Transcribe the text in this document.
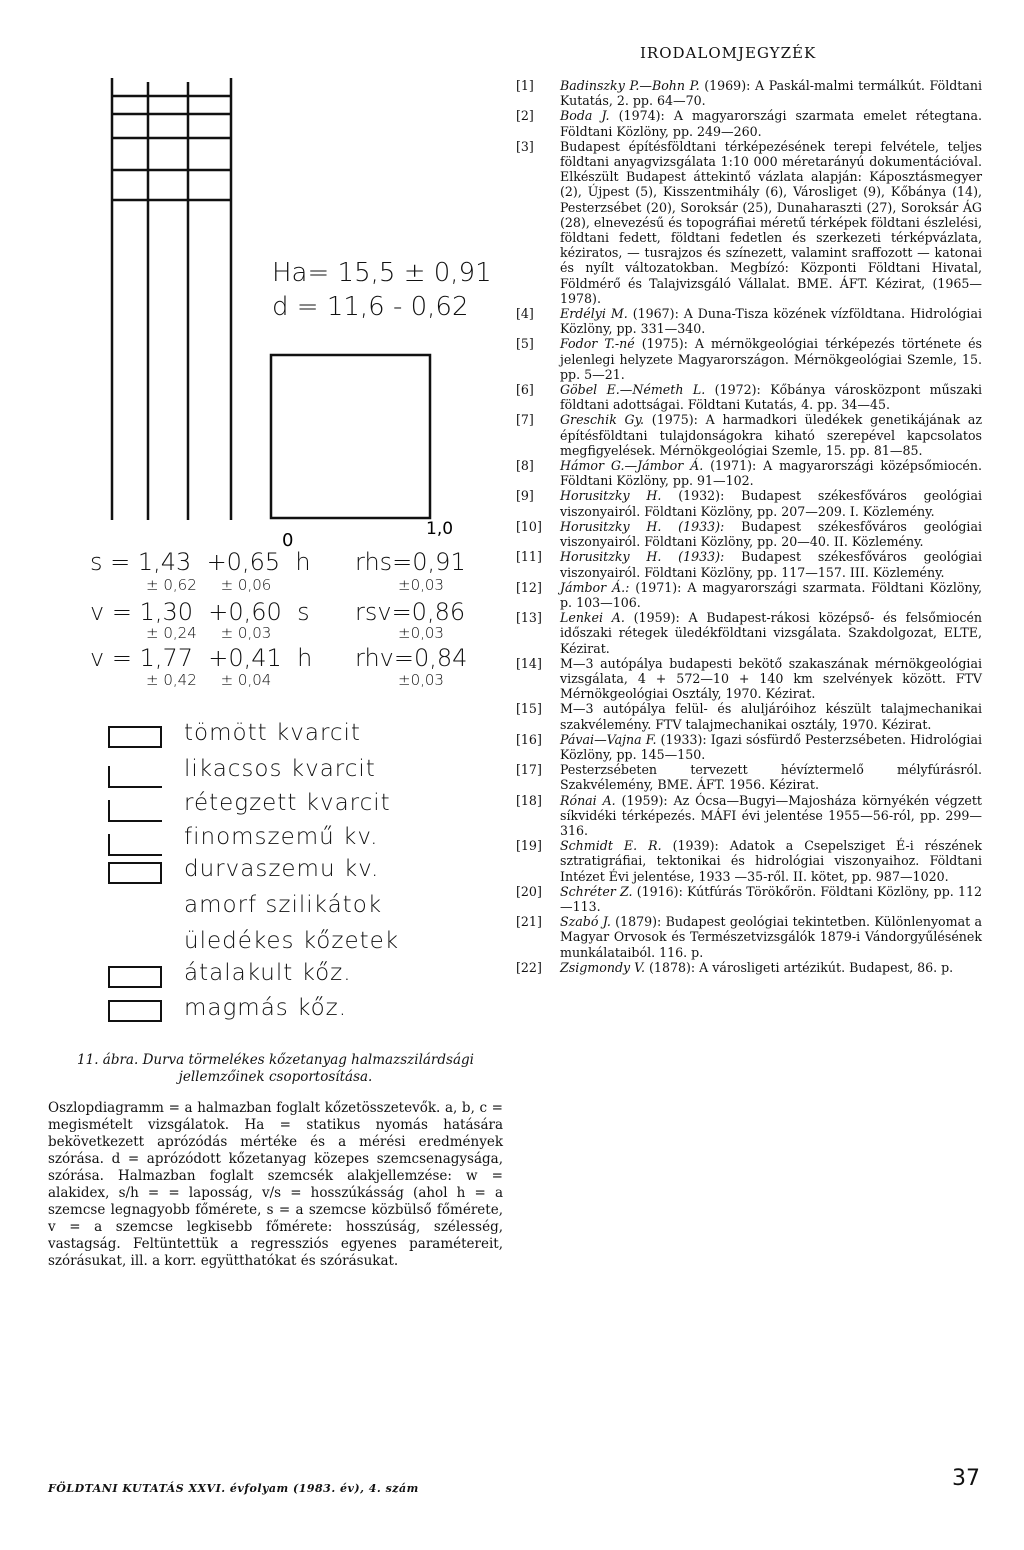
IRODALOMJEGYZÉK
[1]	Badinszky P.—Bohn P. (1969): A Paskál-malmi termálkút. Földtani Kutatás, 2. pp. 64—70.
[2]	Boda J. (1974): A magyarországi szarmata emelet rétegtana. Földtani Közlöny, pp. 249—260.
[3]	Budapest építésföldtani térképezésének terepi felvétele, teljes földtani anyagvizsgálata 1:10 000 méretarányú dokumentációval. Elkészült Budapest áttekintő vázlata alapján: Káposztásmegyer (2), Újpest (5), Kisszentmihály (6), Városliget (9), Kőbánya (14), Pesterzsébet (20), Soroksár (25), Dunaharaszti (27), Soroksár ÁG (28), elnevezésű és topográfiai méretű térképek földtani észlelési, földtani fedett, földtani fedetlen és szerkezeti térképvázlata, kéziratos, — tusrajzos és színezett, valamint sraffozott — katonai és nyílt változatokban. Megbízó: Központi Földtani Hivatal, Földmérő és Talajvizsgáló Vállalat. BME. ÁFT. Kézirat, (1965—1978).
[4]	Erdélyi M. (1967): A Duna-Tisza közének vízföldtana. Hidrológiai Közlöny, pp. 331—340.
[5]	Fodor T.-né (1975): A mérnökgeológiai térképezés története és jelenlegi helyzete Magyarországon. Mérnökgeológiai Szemle, 15. pp. 5—21.
[6]	Göbel E.—Németh L. (1972): Kőbánya városközpont műszaki földtani adottságai. Földtani Kutatás, 4. pp. 34—45.
[7]	Greschik Gy. (1975): A harmadkori üledékek genetikájának az építésföldtani tulajdonságokra kiható szerepével kapcsolatos megfigyelések. Mérnökgeológiai Szemle, 15. pp. 81—85.
[8]	Hámor G.—Jámbor Á. (1971): A magyarországi középsőmiocén. Földtani Közlöny, pp. 91—102.
[9]	Horusitzky H. (1932): Budapest székesfőváros geológiai viszonyairól. Földtani Közlöny, pp. 207—209. I. Közlemény.
[10]	Horusitzky H. (1933): Budapest székesfőváros geológiai viszonyairól. Földtani Közlöny, pp. 20—40. II. Közlemény.
[11]	Horusitzky H. (1933): Budapest székesfőváros geológiai viszonyairól. Földtani Közlöny, pp. 117—157. III. Közlemény.
[12]	Jámbor Á.: (1971): A magyarországi szarmata. Földtani Közlöny, p. 103—106.
[13]	Lenkei A. (1959): A Budapest-rákosi középső- és felsőmiocén időszaki rétegek üledékföldtani vizsgálata. Szakdolgozat, ELTE, Kézirat.
[14]	M—3 autópálya budapesti bekötő szakaszának mérnökgeológiai vizsgálata, 4 + 572—10 + 140 km szelvények között. FTV Mérnökgeológiai Osztály, 1970. Kézirat.
[15]	M—3 autópálya felül- és aluljáróihoz készült talajmechanikai szakvélemény. FTV talajmechanikai osztály, 1970. Kézirat.
[16]	Pávai—Vajna F. (1933): Igazi sósfürdő Pesterzsébeten. Hidrológiai Közlöny, pp. 145—150.
[17]	Pesterzsébeten tervezett hévíztermelő mélyfúrásról. Szakvélemény, BME. ÁFT. 1956. Kézirat.
[18]	Rónai A. (1959): Az Ócsa—Bugyi—Majosháza környékén végzett síkvidéki térképezés. MÁFI évi jelentése 1955—56-ról, pp. 299—316.
[19]	Schmidt E. R. (1939): Adatok a Csepelsziget É-i részének sztratigráfiai, tektonikai és hidrológiai viszonyaihoz. Földtani Intézet Évi jelentése, 1933 —35-ről. II. kötet, pp. 987—1020.
[20]	Schréter Z. (1916): Kútfúrás Törökőrön. Földtani Közlöny, pp. 112—113.
[21]	Szabó J. (1879): Budapest geológiai tekintetben. Különlenyomat a Magyar Orvosok és Természetvizsgálók 1879-i Vándorgyűlésének munkálataiból. 116. p.
[22]	Zsigmondy V. (1878): A városligeti artézikút. Budapest, 86. p.
0
1,0
Ha= 15,5 ± 0,91
d = 11,6 - 0,62
s = 1,43  +0,65  h
± 0,62     ± 0,06
v = 1,30  +0,60  s
± 0,24     ± 0,03
v = 1,77  +0,41  h
± 0,42     ± 0,04
rhs=0,91
±0,03
rsv=0,86
±0,03
rhv=0,84
±0,03
tömött kvarcit
likacsos kvarcit
rétegzett kvarcit
finomszemű kv.
durvaszemu kv.
amorf szilikátok
üledékes kőzetek
átalakult kőz.
magmás kőz.
11. ábra. Durva törmelékes kőzetanyag halmazszilárdsági jellemzőinek csoportosítása.
Oszlopdiagramm = a halmazban foglalt kőzetösszetevők. a, b, c = megismételt vizsgálatok. Ha = statikus nyomás hatására bekövetkezett aprózódás mértéke és a mérési eredmények szórása. d = aprózódott kőzetanyag közepes szemcsenagysága, szórása. Halmazban foglalt szemcsék alakjellemzése: w = alakidex, s/h = = laposság, v/s = hosszúkásság (ahol h = a szemcse legnagyobb főmérete, s = a szemcse közbülső főmérete, v = a szemcse legkisebb főmérete: hosszúság, szélesség, vastagság. Feltüntettük a regressziós egyenes paramétereit, szórásukat, ill. a korr. együtthatókat és szórásukat.
FÖLDTANI KUTATÁS XXVI. évfolyam (1983. év), 4. szám	37
